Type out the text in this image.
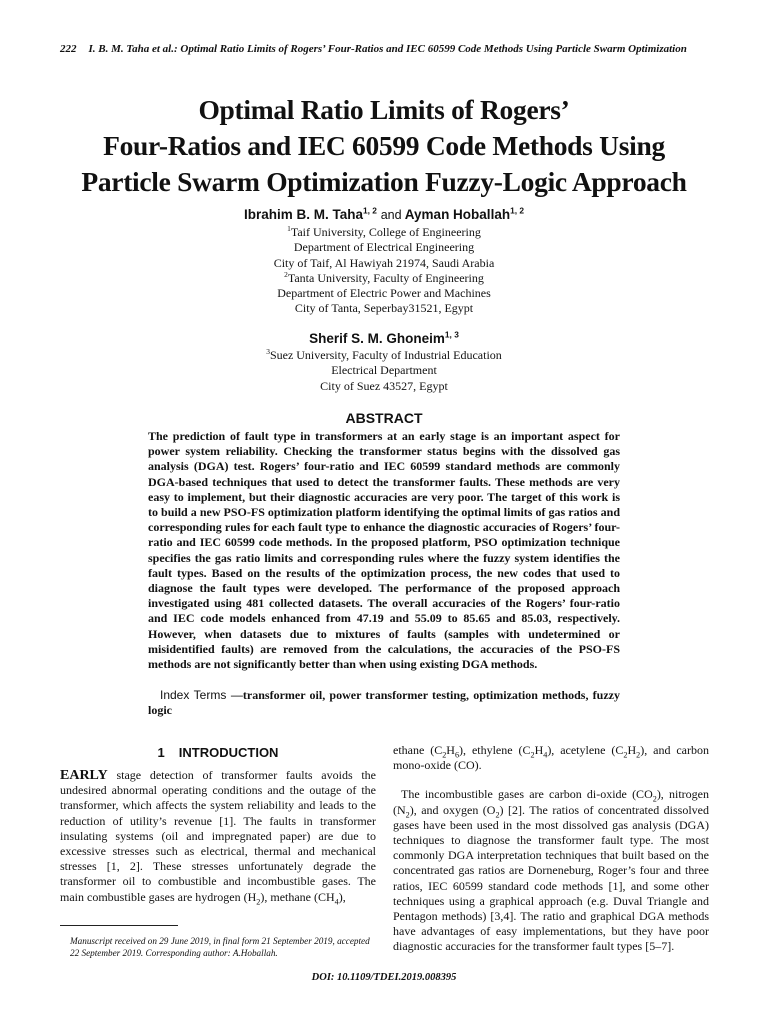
222 I. B. M. Taha et al.: Optimal Ratio Limits of Rogers’ Four-Ratios and IEC 60599 Code Methods Using Particle Swarm Optimization
Optimal Ratio Limits of Rogers’
Four-Ratios and IEC 60599 Code Methods Using
Particle Swarm Optimization Fuzzy-Logic Approach
Ibrahim B. M. Taha$^{1, 2}$ and Ayman Hoballah$^{1, 2}$
$^1$Taif University, College of Engineering
Department of Electrical Engineering
City of Taif, Al Hawiyah 21974, Saudi Arabia
$^2$Tanta University, Faculty of Engineering
Department of Electric Power and Machines
City of Tanta, Seperbay31521, Egypt
Sherif S. M. Ghoneim$^{1, 3}$
$^3$Suez University, Faculty of Industrial Education
Electrical Department
City of Suez 43527, Egypt
ABSTRACT
The prediction of fault type in transformers at an early stage is an important aspect for power system reliability. Checking the transformer status begins with the dissolved gas analysis (DGA) test. Rogers’ four-ratio and IEC 60599 standard methods are commonly DGA-based techniques that used to detect the transformer faults. These methods are very easy to implement, but their diagnostic accuracies are very poor. The target of this work is to build a new PSO-FS optimization platform identifying the optimal limits of gas ratios and corresponding rules for each fault type to enhance the diagnostic accuracies of Rogers’ four-ratio and IEC 60599 code methods. In the proposed platform, PSO optimization technique specifies the gas ratio limits and corresponding rules where the fuzzy system identifies the fault types. Based on the results of the optimization process, the new codes that used to diagnose the fault types were developed. The performance of the proposed approach investigated using 481 collected datasets. The overall accuracies of the Rogers’ four-ratio and IEC code models enhanced from 47.19 and 55.09 to 85.65 and 85.03, respectively. However, when datasets due to mixtures of faults (samples with undetermined or misidentified faults) are removed from the calculations, the accuracies of the PSO-FS methods are not significantly better than when using existing DGA methods.
Index Terms —transformer oil, power transformer testing, optimization methods, fuzzy logic
1 INTRODUCTION

EARLY stage detection of transformer faults avoids the undesired abnormal operating conditions and the outage of the transformer, which affects the system reliability and leads to the reduction of utility’s revenue [1]. The faults in transformer insulating systems (oil and impregnated paper) are due to excessive stresses such as electrical, thermal and mechanical stresses [1, 2]. These stresses unfortunately degrade the transformer oil to combustible and incombustible gases. The main combustible gases are hydrogen $(H_2)$, methane $(CH_4)$,

ethane $(C_2H_6)$, ethylene $(C_2H_4)$, acetylene $(C_2H_2)$, and carbon mono-oxide (CO).

The incombustible gases are carbon di-oxide $(CO_2)$, nitrogen $(N_2)$, and oxygen $(O_2)$ [2]. The ratios of concentrated dissolved gases have been used in the most dissolved gas analysis (DGA) techniques to diagnose the transformer fault type. The most commonly DGA interpretation techniques that built based on the concentrated gas ratios are Dorneneburg, Roger’s four and three ratios, IEC 60599 standard code methods [1], and some other techniques using a graphical approach (e.g. Duval Triangle and Pentagon methods) [3,4]. The ratio and graphical DGA methods have advantages of easy implementations, but they have poor diagnostic accuracies for the transformer fault types [5–7].

Manuscript received on 29 June 2019, in final form 21 September 2019, accepted 22 September 2019. Corresponding author: A.Hoballah.
DOI: 10.1109/TDEI.2019.008395
